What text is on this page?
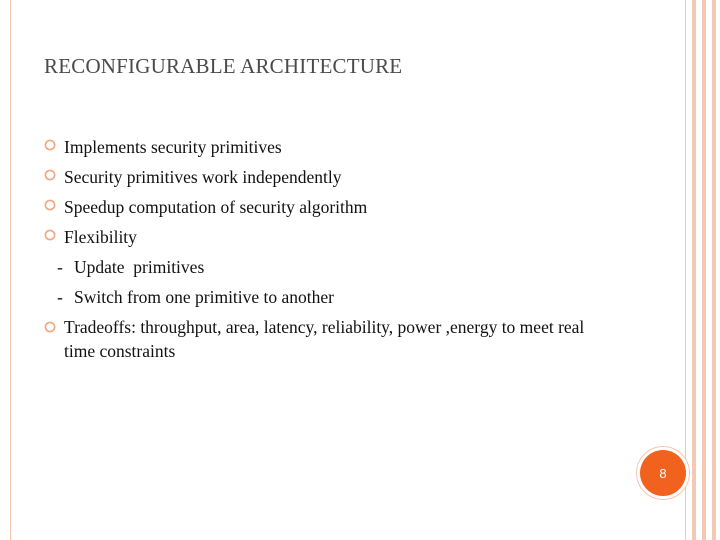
RECONFIGURABLE ARCHITECTURE
Implements security primitives
Security primitives work independently
Speedup computation of security algorithm
Flexibility
- Update  primitives
- Switch from one primitive to another
Tradeoffs: throughput, area, latency, reliability, power ,energy to meet real time constraints
8
